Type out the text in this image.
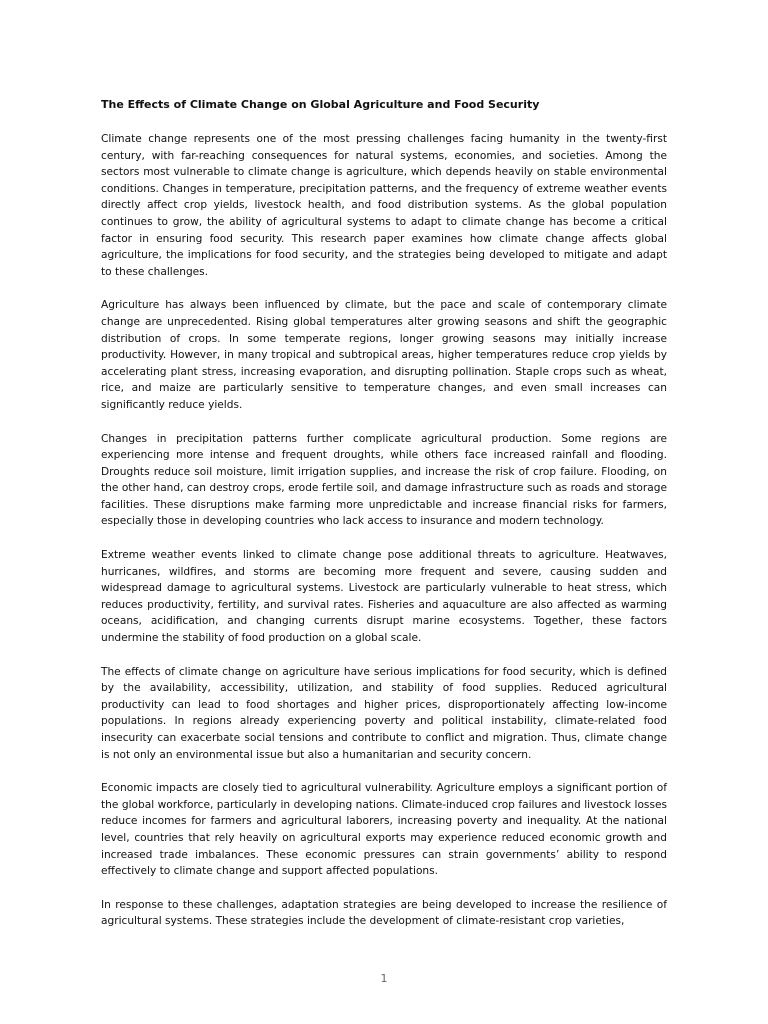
The Effects of Climate Change on Global Agriculture and Food Security

Climate change represents one of the most pressing challenges facing humanity in the twenty-first century, with far-reaching consequences for natural systems, economies, and societies. Among the sectors most vulnerable to climate change is agriculture, which depends heavily on stable environmental conditions. Changes in temperature, precipitation patterns, and the frequency of extreme weather events directly affect crop yields, livestock health, and food distribution systems. As the global population continues to grow, the ability of agricultural systems to adapt to climate change has become a critical factor in ensuring food security. This research paper examines how climate change affects global agriculture, the implications for food security, and the strategies being developed to mitigate and adapt to these challenges.

Agriculture has always been influenced by climate, but the pace and scale of contemporary climate change are unprecedented. Rising global temperatures alter growing seasons and shift the geographic distribution of crops. In some temperate regions, longer growing seasons may initially increase productivity. However, in many tropical and subtropical areas, higher temperatures reduce crop yields by accelerating plant stress, increasing evaporation, and disrupting pollination. Staple crops such as wheat, rice, and maize are particularly sensitive to temperature changes, and even small increases can significantly reduce yields.

Changes in precipitation patterns further complicate agricultural production. Some regions are experiencing more intense and frequent droughts, while others face increased rainfall and flooding. Droughts reduce soil moisture, limit irrigation supplies, and increase the risk of crop failure. Flooding, on the other hand, can destroy crops, erode fertile soil, and damage infrastructure such as roads and storage facilities. These disruptions make farming more unpredictable and increase financial risks for farmers, especially those in developing countries who lack access to insurance and modern technology.

Extreme weather events linked to climate change pose additional threats to agriculture. Heatwaves, hurricanes, wildfires, and storms are becoming more frequent and severe, causing sudden and widespread damage to agricultural systems. Livestock are particularly vulnerable to heat stress, which reduces productivity, fertility, and survival rates. Fisheries and aquaculture are also affected as warming oceans, acidification, and changing currents disrupt marine ecosystems. Together, these factors undermine the stability of food production on a global scale.

The effects of climate change on agriculture have serious implications for food security, which is defined by the availability, accessibility, utilization, and stability of food supplies. Reduced agricultural productivity can lead to food shortages and higher prices, disproportionately affecting low-income populations. In regions already experiencing poverty and political instability, climate-related food insecurity can exacerbate social tensions and contribute to conflict and migration. Thus, climate change is not only an environmental issue but also a humanitarian and security concern.

Economic impacts are closely tied to agricultural vulnerability. Agriculture employs a significant portion of the global workforce, particularly in developing nations. Climate-induced crop failures and livestock losses reduce incomes for farmers and agricultural laborers, increasing poverty and inequality. At the national level, countries that rely heavily on agricultural exports may experience reduced economic growth and increased trade imbalances. These economic pressures can strain governments’ ability to respond effectively to climate change and support affected populations.

In response to these challenges, adaptation strategies are being developed to increase the resilience of agricultural systems. These strategies include the development of climate-resistant crop varieties,

1
